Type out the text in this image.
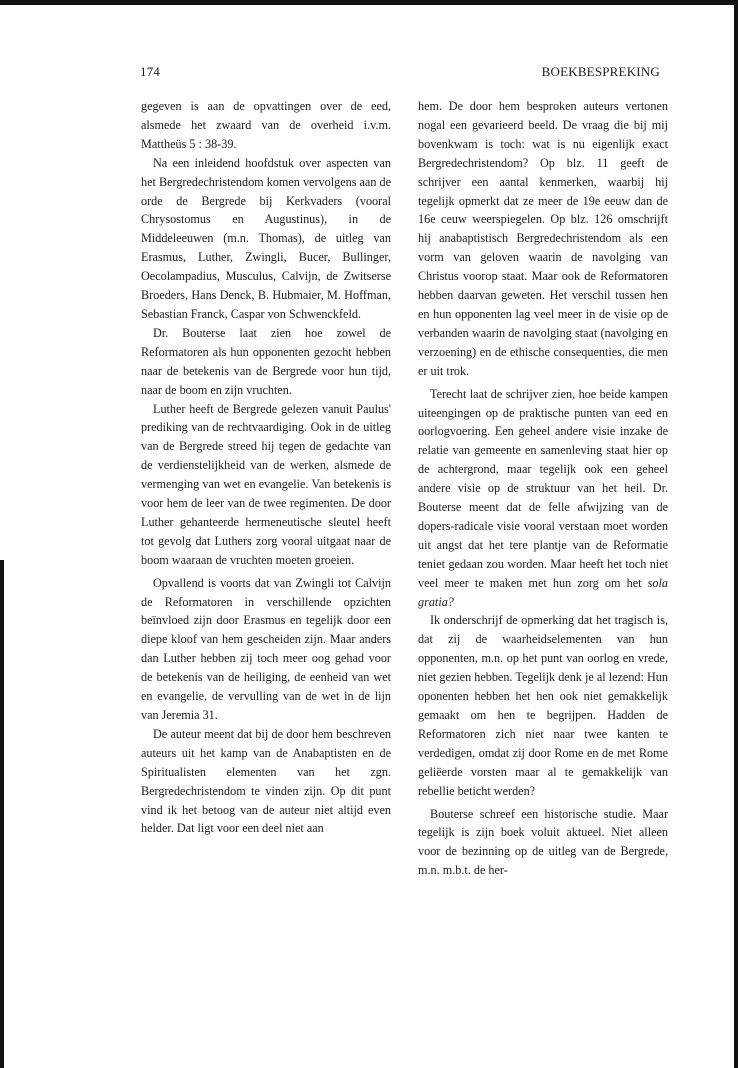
174	BOEKBESPREKING

gegeven is aan de opvattingen over de eed, alsmede het zwaard van de overheid i.v.m. Mattheüs 5 : 38-39.

Na een inleidend hoofdstuk over aspecten van het Bergredechristendom komen vervolgens aan de orde de Bergrede bij Kerkvaders (vooral Chrysostomus en Augustinus), in de Middeleeuwen (m.n. Thomas), de uitleg van Erasmus, Luther, Zwingli, Bucer, Bullinger, Oecolampadius, Musculus, Calvijn, de Zwitserse Broeders, Hans Denck, B. Hubmaier, M. Hoffman, Sebastian Franck, Caspar von Schwenckfeld.

Dr. Bouterse laat zien hoe zowel de Reformatoren als hun opponenten gezocht hebben naar de betekenis van de Bergrede voor hun tijd, naar de boom en zijn vruchten.

Luther heeft de Bergrede gelezen vanuit Paulus' prediking van de rechtvaardiging. Ook in de uitleg van de Bergrede streed hij tegen de gedachte van de verdienstelijkheid van de werken, alsmede de vermenging van wet en evangelie. Van betekenis is voor hem de leer van de twee regimenten. De door Luther gehanteerde hermeneutische sleutel heeft tot gevolg dat Luthers zorg vooral uitgaat naar de boom waaraan de vruchten moeten groeien.

Opvallend is voorts dat van Zwingli tot Calvijn de Reformatoren in verschillende opzichten beïnvloed zijn door Erasmus en tegelijk door een diepe kloof van hem gescheiden zijn. Maar anders dan Luther hebben zij toch meer oog gehad voor de betekenis van de heiliging, de eenheid van wet en evangelie, de vervulling van de wet in de lijn van Jeremia 31.

De auteur meent dat bij de door hem beschreven auteurs uit het kamp van de Anabaptisten en de Spiritualisten elementen van het zgn. Bergredechristendom te vinden zijn. Op dit punt vind ik het betoog van de auteur niet altijd even helder. Dat ligt voor een deel niet aan

hem. De door hem besproken auteurs vertonen nogal een gevarieerd beeld. De vraag die bij mij bovenkwam is toch: wat is nu eigenlijk exact Bergredechristendom? Op blz. 11 geeft de schrijver een aantal kenmerken, waarbij hij tegelijk opmerkt dat ze meer de 19e eeuw dan de 16e ceuw weerspiegelen. Op blz. 126 omschrijft hij anabaptistisch Bergredechristendom als een vorm van geloven waarin de navolging van Christus voorop staat. Maar ook de Reformatoren hebben daarvan geweten. Het verschil tussen hen en hun opponenten lag veel meer in de visie op de verbanden waarin de navolging staat (navolging en verzoening) en de ethische consequenties, die men er uit trok.

Terecht laat de schrijver zien, hoe beide kampen uiteengingen op de praktische punten van eed en oorlogvoering. Een geheel andere visie inzake de relatie van gemeente en samenleving staat hier op de achtergrond, maar tegelijk ook een geheel andere visie op de struktuur van het heil. Dr. Bouterse meent dat de felle afwijzing van de dopers-radicale visie vooral verstaan moet worden uit angst dat het tere plantje van de Reformatie teniet gedaan zou worden. Maar heeft het toch niet veel meer te maken met hun zorg om het sola gratia?

Ik onderschrijf de opmerking dat het tragisch is, dat zij de waarheidselementen van hun opponenten, m.n. op het punt van oorlog en vrede, niet gezien hebben. Tegelijk denk je al lezend: Hun oponenten hebben het hen ook niet gemakkelijk gemaakt om hen te begrijpen. Hadden de Reformatoren zich niet naar twee kanten te verdedigen, omdat zij door Rome en de met Rome geliëerde vorsten maar al te gemakkelijk van rebellie beticht werden?

Bouterse schreef een historische studie. Maar tegelijk is zijn boek voluit aktueel. Niet alleen voor de bezinning op de uitleg van de Bergrede, m.n. m.b.t. de her-
